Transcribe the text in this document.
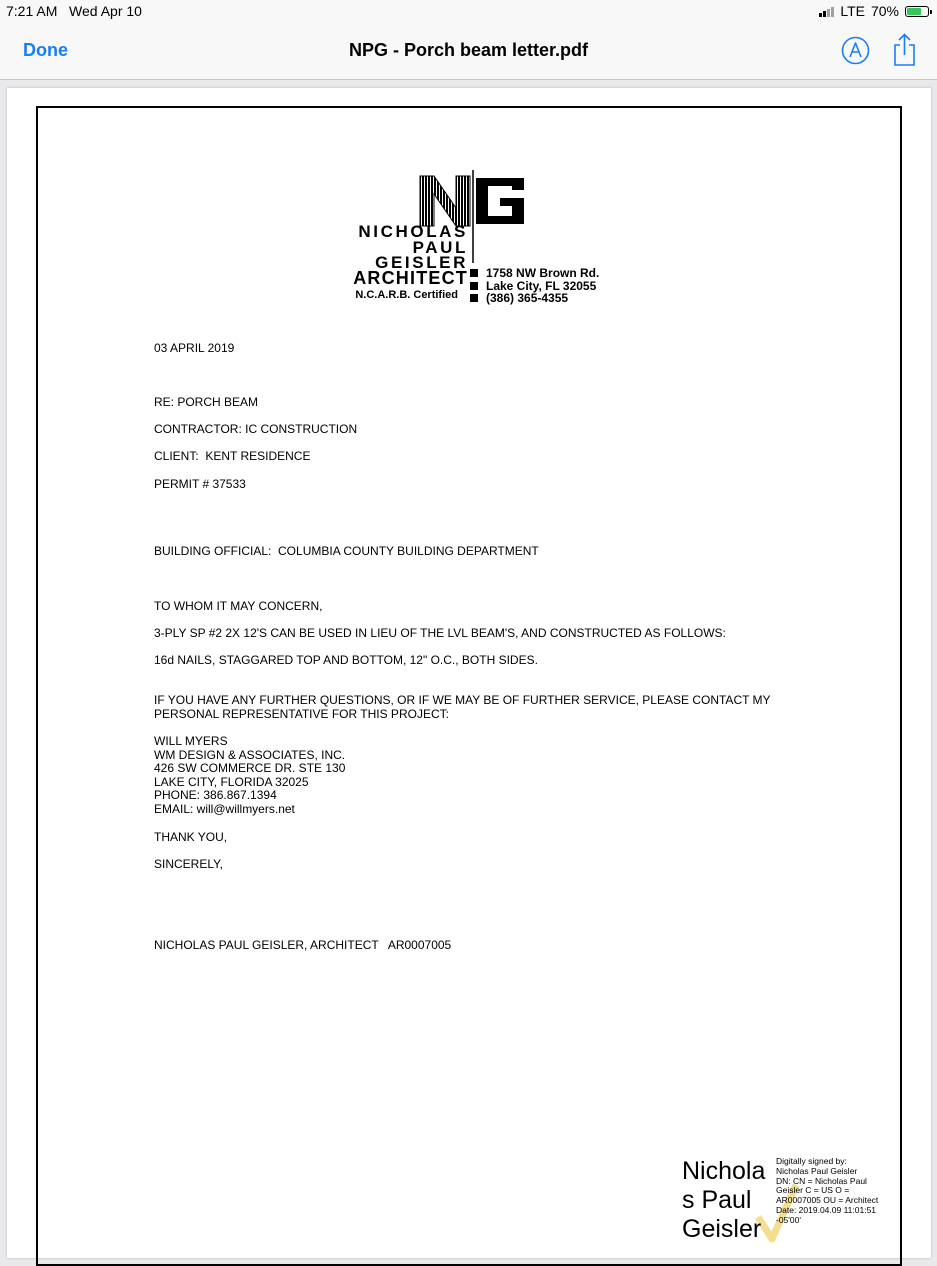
7:21 AM Wed Apr 10	LTE 70%
Done	NPG - Porch beam letter.pdf
NICHOLAS
PAUL
GEISLER
ARCHITECT
N.C.A.R.B. Certified
1758 NW Brown Rd.
Lake City, FL 32055
(386) 365-4355
03 APRIL 2019
RE: PORCH BEAM
CONTRACTOR: IC CONSTRUCTION
CLIENT:  KENT RESIDENCE
PERMIT # 37533
BUILDING OFFICIAL:  COLUMBIA COUNTY BUILDING DEPARTMENT
TO WHOM IT MAY CONCERN,
3-PLY SP #2 2X 12'S CAN BE USED IN LIEU OF THE LVL BEAM'S, AND CONSTRUCTED AS FOLLOWS:
16d NAILS, STAGGARED TOP AND BOTTOM, 12" O.C., BOTH SIDES.
IF YOU HAVE ANY FURTHER QUESTIONS, OR IF WE MAY BE OF FURTHER SERVICE, PLEASE CONTACT MY
PERSONAL REPRESENTATIVE FOR THIS PROJECT:
WILL MYERS
WM DESIGN & ASSOCIATES, INC.
426 SW COMMERCE DR. STE 130
LAKE CITY, FLORIDA 32025
PHONE: 386.867.1394
EMAIL: will@willmyers.net
THANK YOU,
SINCERELY,
NICHOLAS PAUL GEISLER, ARCHITECT   AR0007005
Nichola
s Paul
Geisler
Digitally signed by:
Nicholas Paul Geisler
DN: CN = Nicholas Paul
Geisler C = US O =
AR0007005 OU = Architect
Date: 2019.04.09 11:01:51
-05'00'
